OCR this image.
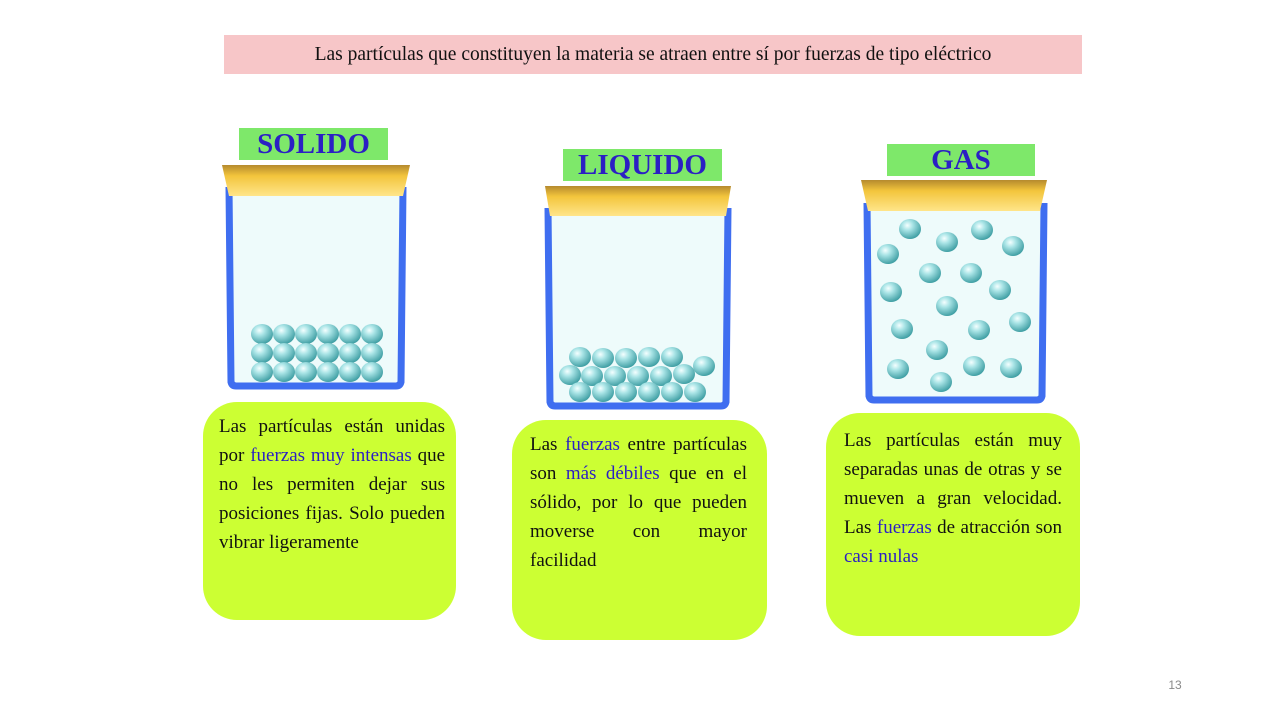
Las partículas que constituyen la materia se atraen entre sí por fuerzas de tipo eléctrico
SOLIDO
LIQUIDO	GAS
Las partículas están unidas por fuerzas muy intensas que no les permiten dejar sus posiciones fijas. Solo pueden vibrar ligeramente
Las fuerzas entre partículas son más débiles que en el sólido, por lo que pueden moverse con mayor facilidad
Las partículas están muy separadas unas de otras y se mueven a gran velocidad. Las fuerzas de atracción son casi nulas
13
